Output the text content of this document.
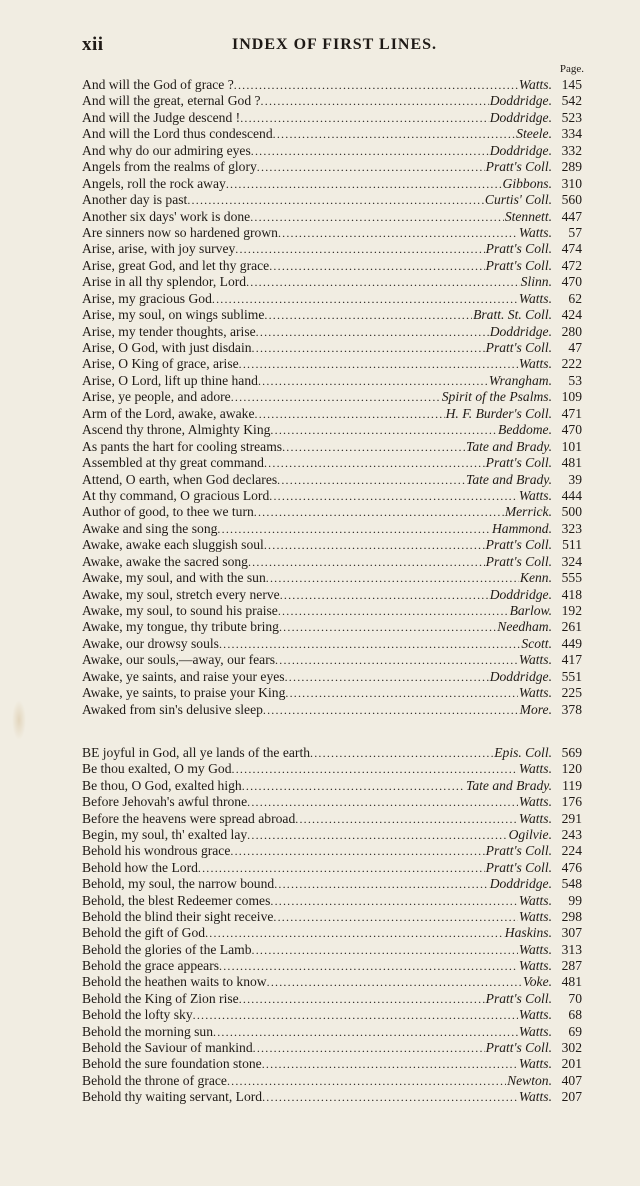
xii	INDEX OF FIRST LINES.
Page.
And will the God of grace ? .....	Watts. 145
And will the great, eternal God ? .....	Doddridge. 542
And will the Judge descend ! .....	Doddridge. 523
And will the Lord thus condescend .....	Steele. 334
And why do our admiring eyes .....	Doddridge. 332
Angels from the realms of glory .....	Pratt's Coll. 289
Angels, roll the rock away .....	Gibbons. 310
Another day is past .....	Curtis' Coll. 560
Another six days' work is done .....	Stennett. 447
Are sinners now so hardened grown .....	Watts.	57
Arise, arise, with joy survey .....	Pratt's Coll. 474
Arise, great God, and let thy grace .....	Pratt's Coll. 472
Arise in all thy splendor, Lord .....	Slinn. 470
Arise, my gracious God .....	Watts.	62
Arise, my soul, on wings sublime .....	Bratt. St. Coll. 424
Arise, my tender thoughts, arise .....	Doddridge. 280
Arise, O God, with just disdain .....	Pratt's Coll.	47
Arise, O King of grace, arise .....	Watts. 222
Arise, O Lord, lift up thine hand .....	Wrangham.	53
Arise, ye people, and adore .....	Spirit of the Psalms. 109
Arm of the Lord, awake, awake .....	H. F. Burder's Coll. 471
Ascend thy throne, Almighty King .....	Beddome. 470
As pants the hart for cooling streams .....	Tate and Brady. 101
Assembled at thy great command .....	Pratt's Coll. 481
Attend, O earth, when God declares .....	Tate and Brady.	39
At thy command, O gracious Lord .....	Watts. 444
Author of good, to thee we turn .....	Merrick. 500
Awake and sing the song .....	Hammond. 323
Awake, awake each sluggish soul .....	Pratt's Coll. 511
Awake, awake the sacred song .....	Pratt's Coll. 324
Awake, my soul, and with the sun .....	Kenn. 555
Awake, my soul, stretch every nerve .....	Doddridge. 418
Awake, my soul, to sound his praise .....	Barlow. 192
Awake, my tongue, thy tribute bring .....	Needham. 261
Awake, our drowsy souls .....	Scott. 449
Awake, our souls,—away, our fears .....	Watts. 417
Awake, ye saints, and raise your eyes .....	Doddridge. 551
Awake, ye saints, to praise your King .....	Watts. 225
Awaked from sin's delusive sleep .....	More. 378
BE joyful in God, all ye lands of the earth .....	Epis. Coll. 569
Be thou exalted, O my God .....	Watts. 120
Be thou, O God, exalted high .....	Tate and Brady. 119
Before Jehovah's awful throne .....	Watts. 176
Before the heavens were spread abroad .....	Watts. 291
Begin, my soul, th' exalted lay .....	Ogilvie. 243
Behold his wondrous grace .....	Pratt's Coll. 224
Behold how the Lord .....	Pratt's Coll. 476
Behold, my soul, the narrow bound .....	Doddridge. 548
Behold, the blest Redeemer comes .....	Watts.	99
Behold the blind their sight receive .....	Watts. 298
Behold the gift of God .....	Haskins. 307
Behold the glories of the Lamb .....	Watts. 313
Behold the grace appears .....	Watts. 287
Behold the heathen waits to know .....	Voke. 481
Behold the King of Zion rise .....	Pratt's Coll.	70
Behold the lofty sky .....	Watts.	68
Behold the morning sun .....	Watts.	69
Behold the Saviour of mankind .....	Pratt's Coll. 302
Behold the sure foundation stone .....	Watts. 201
Behold the throne of grace .....	Newton. 407
Behold thy waiting servant, Lord .....	Watts. 207
